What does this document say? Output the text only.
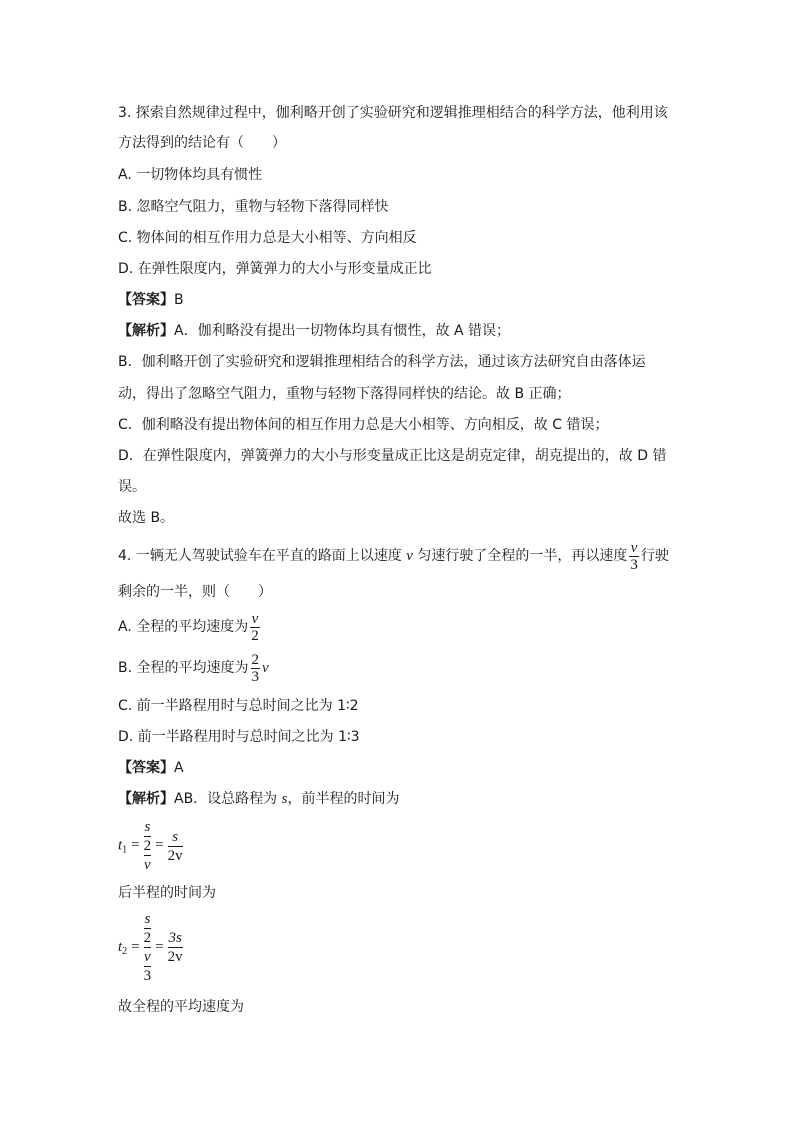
3. 探索自然规律过程中，伽利略开创了实验研究和逻辑推理相结合的科学方法，他利用该
方法得到的结论有（　　）
A. 一切物体均具有惯性
B. 忽略空气阻力，重物与轻物下落得同样快
C. 物体间的相互作用力总是大小相等、方向相反
D. 在弹性限度内，弹簧弹力的大小与形变量成正比
【答案】B
【解析】A．伽利略没有提出一切物体均具有惯性，故 A 错误；
B．伽利略开创了实验研究和逻辑推理相结合的科学方法，通过该方法研究自由落体运
动，得出了忽略空气阻力，重物与轻物下落得同样快的结论。故 B 正确；
C．伽利略没有提出物体间的相互作用力总是大小相等、方向相反，故 C 错误；
D．在弹性限度内，弹簧弹力的大小与形变量成正比这是胡克定律，胡克提出的，故 D 错
误。
故选 B。
4. 一辆无人驾驶试验车在平直的路面上以速度 v 匀速行驶了全程的一半，再以速度 $\frac{v}{3}$ 行驶
剩余的一半，则（　　）
A. 全程的平均速度为 $\frac{v}{2}$
B. 全程的平均速度为 $\frac{2}{3}$ v
C. 前一半路程用时与总时间之比为 1∶2
D. 前一半路程用时与总时间之比为 1∶3
【答案】A
【解析】AB．设总路程为 s，前半程的时间为
$t_1 = \frac{\frac{s}{2}}{v} = \frac{s}{2v}$
后半程的时间为
$t_2 = \frac{\frac{s}{2}}{\frac{v}{3}} = \frac{3s}{2v}$
故全程的平均速度为
